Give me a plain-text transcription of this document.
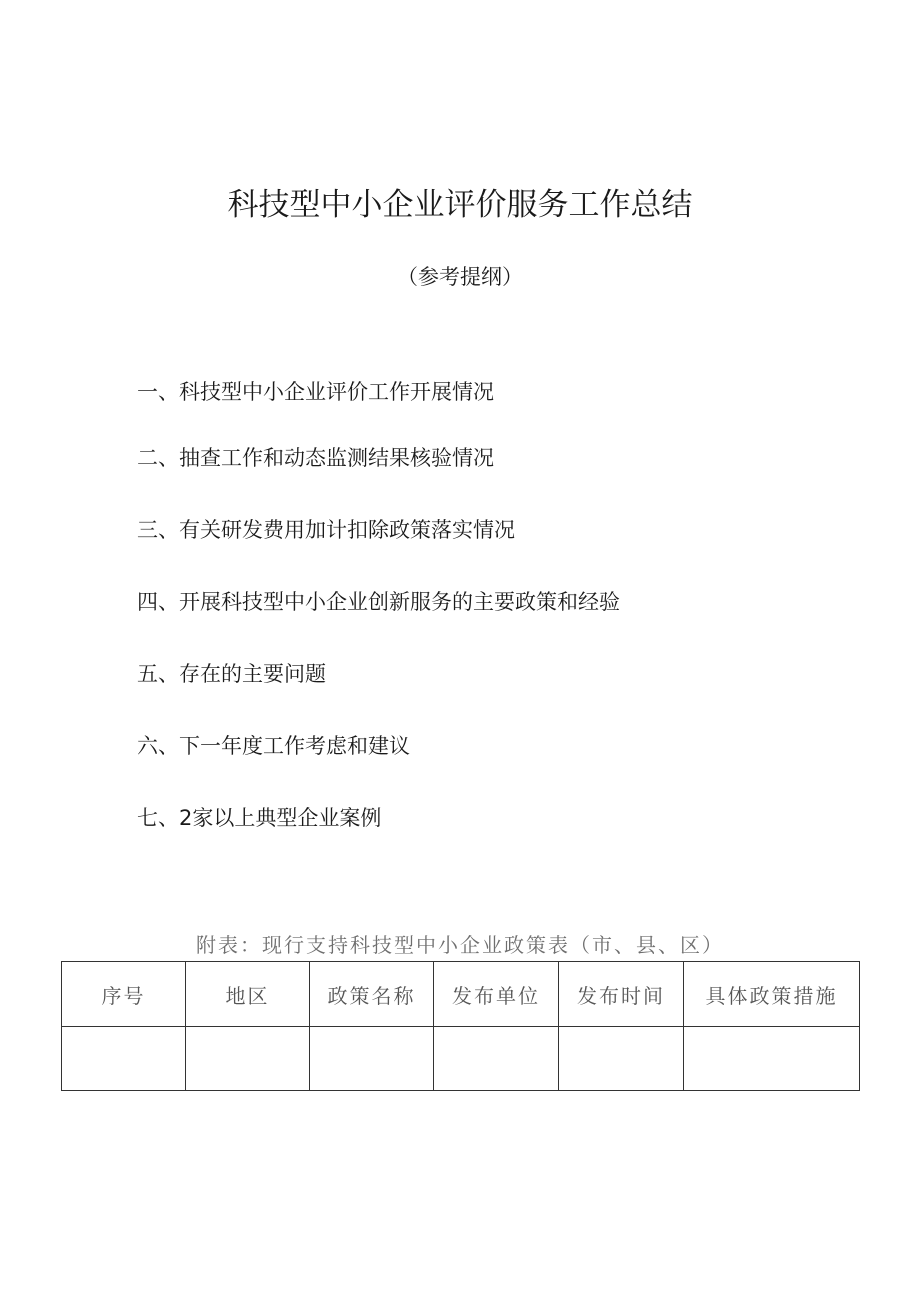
科技型中小企业评价服务工作总结
（参考提纲）
一、科技型中小企业评价工作开展情况
二、抽查工作和动态监测结果核验情况
三、有关研发费用加计扣除政策落实情况
四、开展科技型中小企业创新服务的主要政策和经验
五、存在的主要问题
六、下一年度工作考虑和建议
七、2家以上典型企业案例
附表：现行支持科技型中小企业政策表（市、县、区）
序号	地区	政策名称	发布单位	发布时间	具体政策措施
